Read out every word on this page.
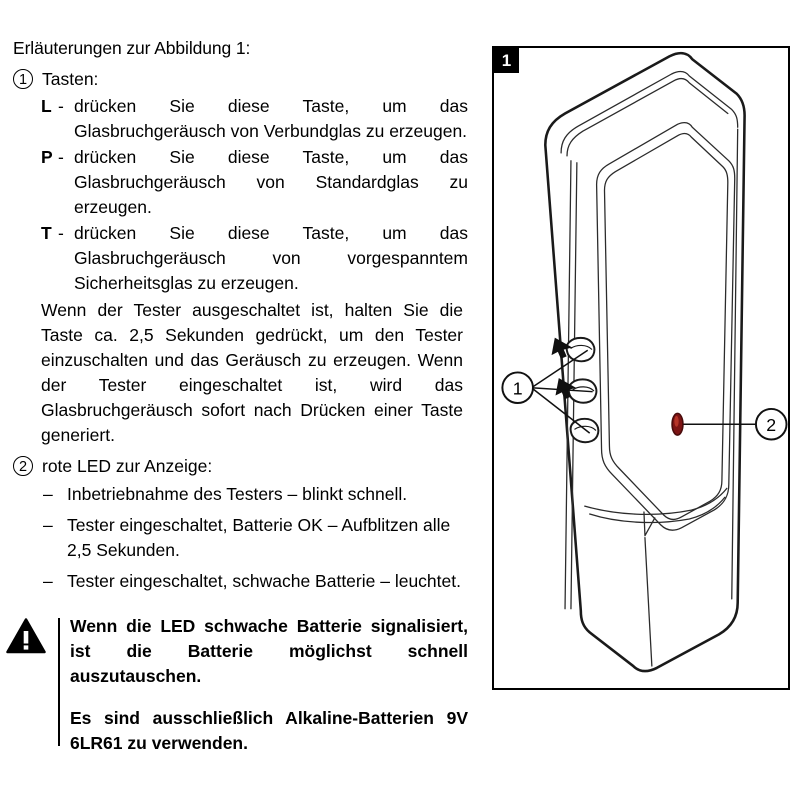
Erläuterungen zur Abbildung 1:

1 Tasten:
L - drücken Sie diese Taste, um das Glasbruchgeräusch von Verbundglas zu erzeugen.
P - drücken Sie diese Taste, um das Glasbruchgeräusch von Standardglas zu erzeugen.
T - drücken Sie diese Taste, um das Glasbruchgeräusch von vorgespanntem Sicherheitsglas zu erzeugen.

Wenn der Tester ausgeschaltet ist, halten Sie die Taste ca. 2,5 Sekunden gedrückt, um den Tester einzuschalten und das Geräusch zu erzeugen. Wenn der Tester eingeschaltet ist, wird das Glasbruchgeräusch sofort nach Drücken einer Taste generiert.

2 rote LED zur Anzeige:
– Inbetriebnahme des Testers – blinkt schnell.
– Tester eingeschaltet, Batterie OK – Aufblitzen alle 2,5 Sekunden.
– Tester eingeschaltet, schwache Batterie – leuchtet.

Wenn die LED schwache Batterie signalisiert, ist die Batterie möglichst schnell auszutauschen.

Es sind ausschließlich Alkaline-Batterien 9V 6LR61 zu verwenden.

1
1
2
